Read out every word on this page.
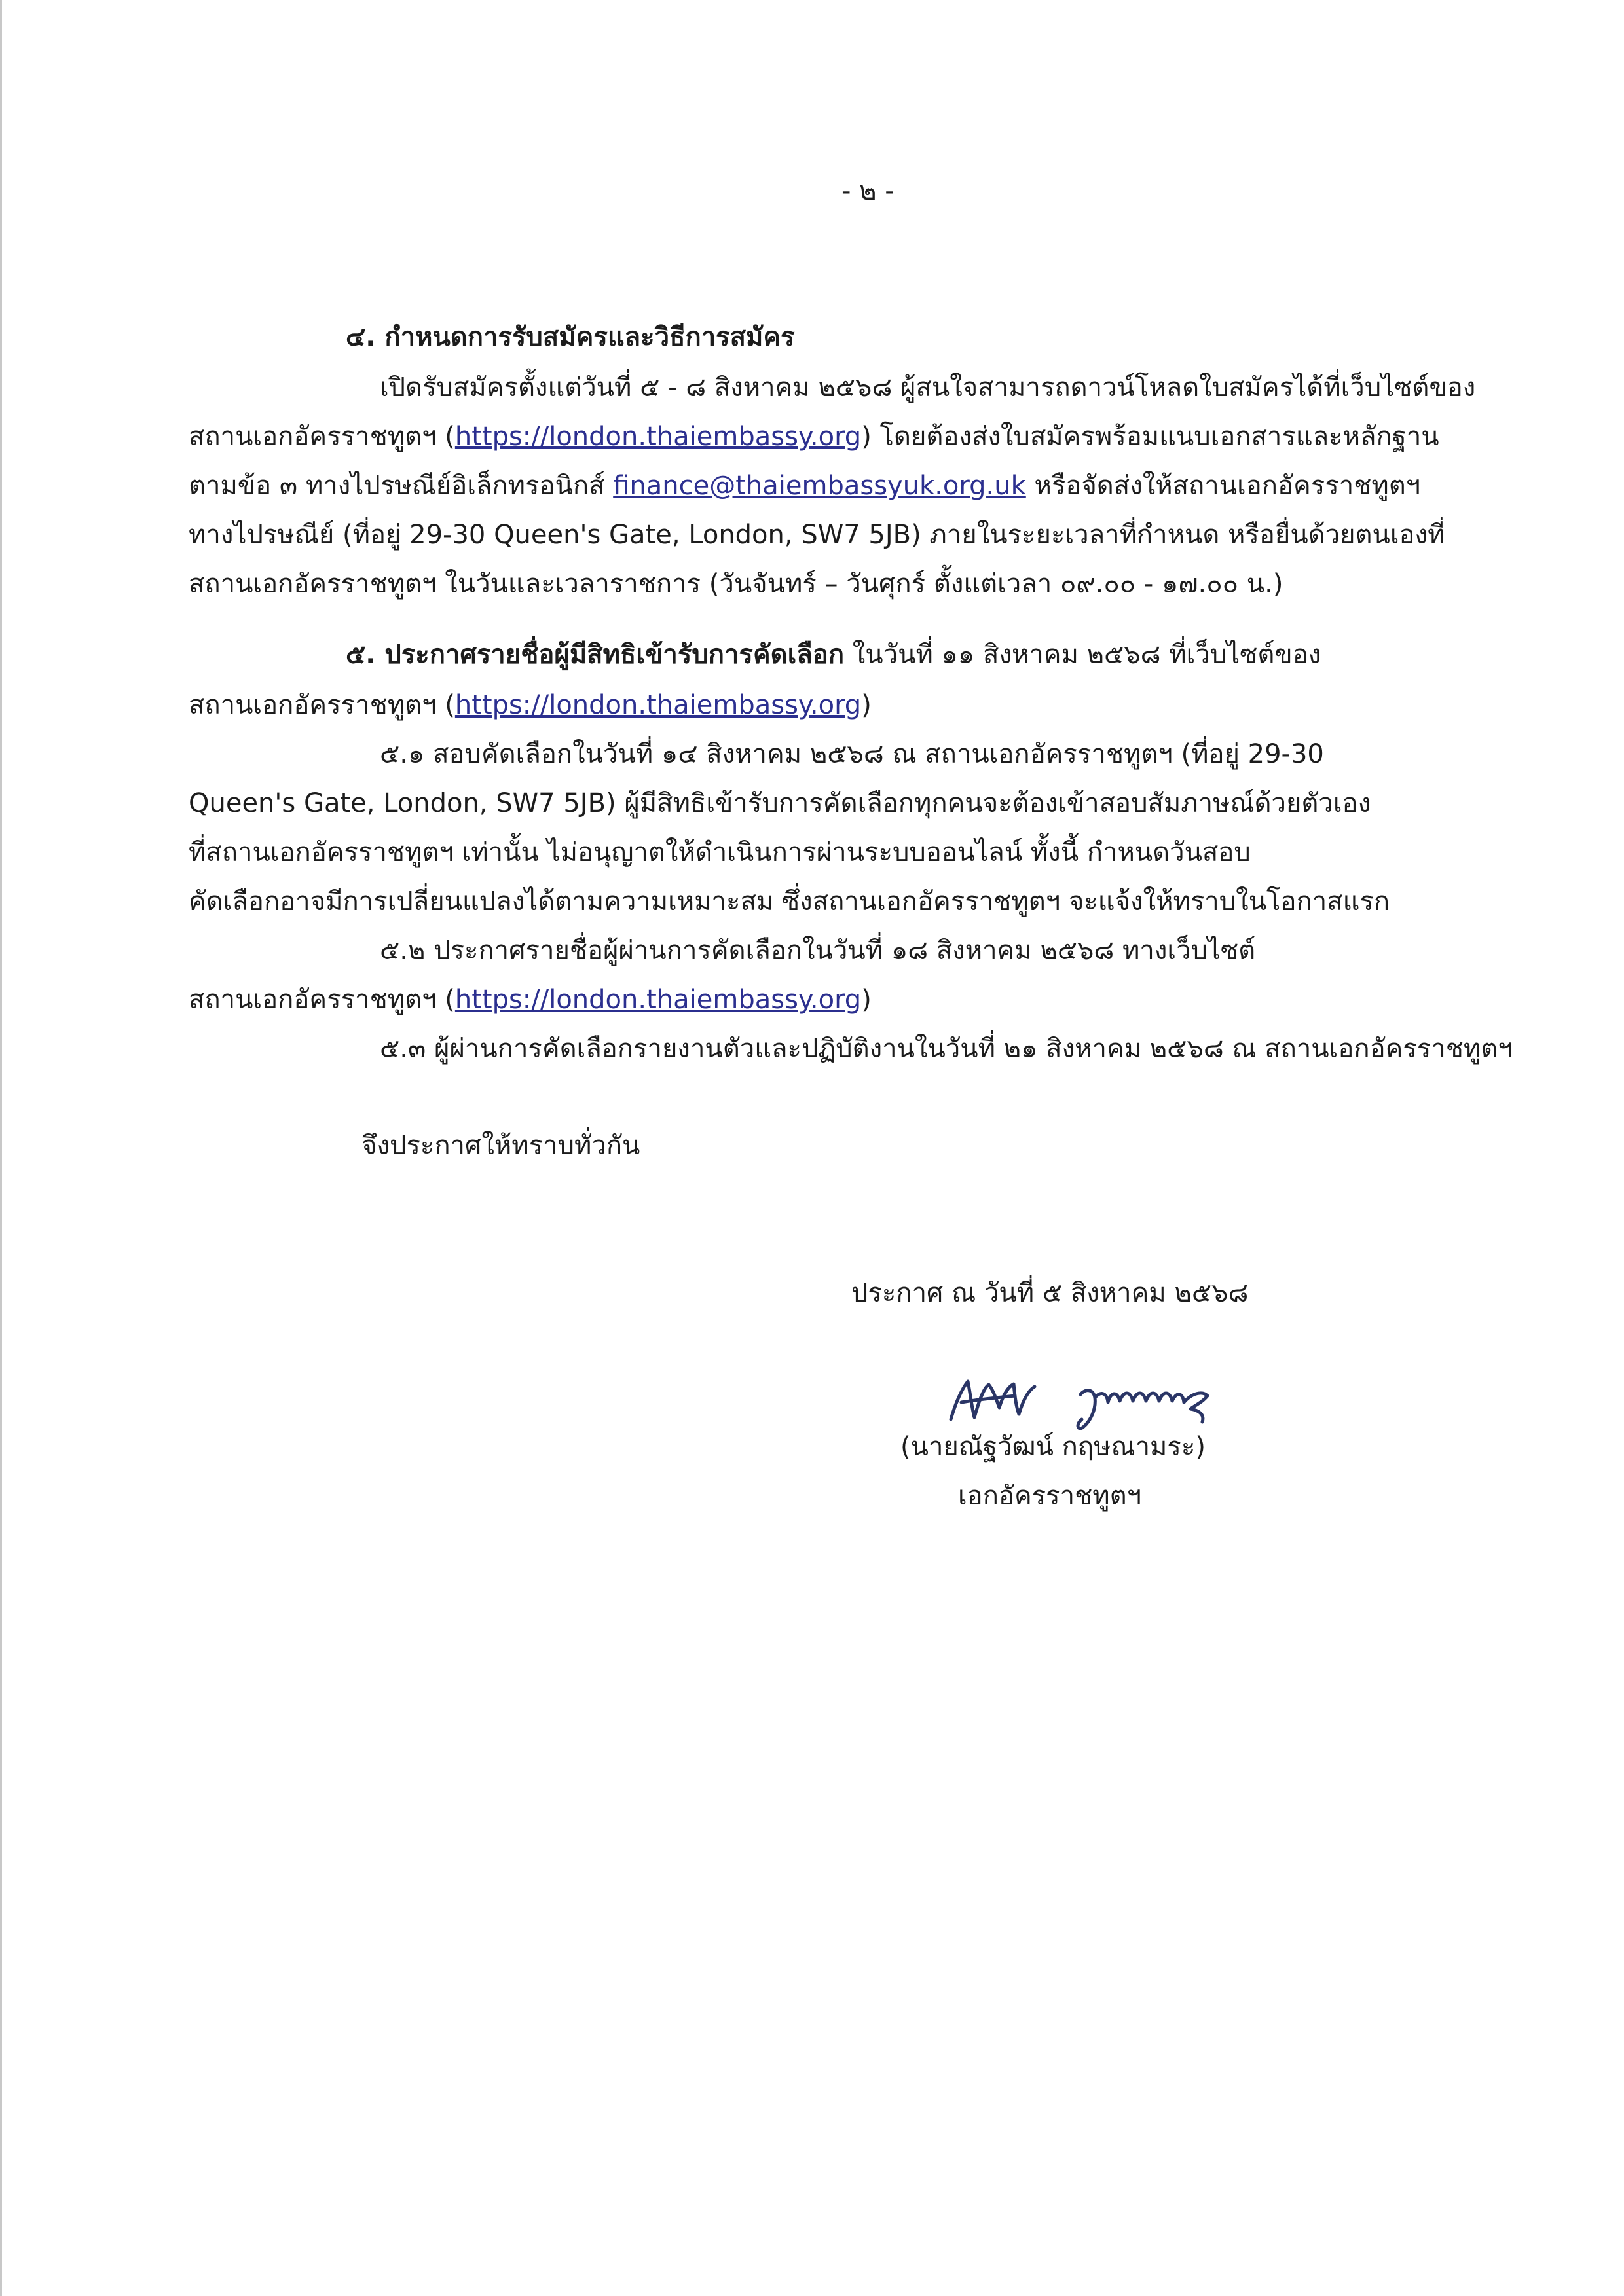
- ๒ -
๔. กำหนดการรับสมัครและวิธีการสมัคร
เปิดรับสมัครตั้งแต่วันที่ ๕ - ๘ สิงหาคม ๒๕๖๘ ผู้สนใจสามารถดาวน์โหลดใบสมัครได้ที่เว็บไซต์ของ
สถานเอกอัครราชทูตฯ (https://london.thaiembassy.org) โดยต้องส่งใบสมัครพร้อมแนบเอกสารและหลักฐาน
ตามข้อ ๓ ทางไปรษณีย์อิเล็กทรอนิกส์ finance@thaiembassyuk.org.uk หรือจัดส่งให้สถานเอกอัครราชทูตฯ
ทางไปรษณีย์ (ที่อยู่ 29-30 Queen's Gate, London, SW7 5JB) ภายในระยะเวลาที่กำหนด หรือยื่นด้วยตนเองที่
สถานเอกอัครราชทูตฯ ในวันและเวลาราชการ (วันจันทร์ – วันศุกร์ ตั้งแต่เวลา ๐๙.๐๐ - ๑๗.๐๐ น.)
๕. ประกาศรายชื่อผู้มีสิทธิเข้ารับการคัดเลือก ในวันที่ ๑๑ สิงหาคม ๒๕๖๘ ที่เว็บไซต์ของ
สถานเอกอัครราชทูตฯ (https://london.thaiembassy.org)
๕.๑ สอบคัดเลือกในวันที่ ๑๔ สิงหาคม ๒๕๖๘ ณ สถานเอกอัครราชทูตฯ (ที่อยู่ 29-30
Queen's Gate, London, SW7 5JB) ผู้มีสิทธิเข้ารับการคัดเลือกทุกคนจะต้องเข้าสอบสัมภาษณ์ด้วยตัวเอง
ที่สถานเอกอัครราชทูตฯ เท่านั้น ไม่อนุญาตให้ดำเนินการผ่านระบบออนไลน์ ทั้งนี้ กำหนดวันสอบ
คัดเลือกอาจมีการเปลี่ยนแปลงได้ตามความเหมาะสม ซึ่งสถานเอกอัครราชทูตฯ จะแจ้งให้ทราบในโอกาสแรก
๕.๒ ประกาศรายชื่อผู้ผ่านการคัดเลือกในวันที่ ๑๘ สิงหาคม ๒๕๖๘ ทางเว็บไซต์
สถานเอกอัครราชทูตฯ (https://london.thaiembassy.org)
๕.๓ ผู้ผ่านการคัดเลือกรายงานตัวและปฏิบัติงานในวันที่ ๒๑ สิงหาคม ๒๕๖๘ ณ สถานเอกอัครราชทูตฯ
จึงประกาศให้ทราบทั่วกัน
ประกาศ ณ วันที่ ๕ สิงหาคม ๒๕๖๘
(นายณัฐวัฒน์ กฤษณามระ)
เอกอัครราชทูตฯ
